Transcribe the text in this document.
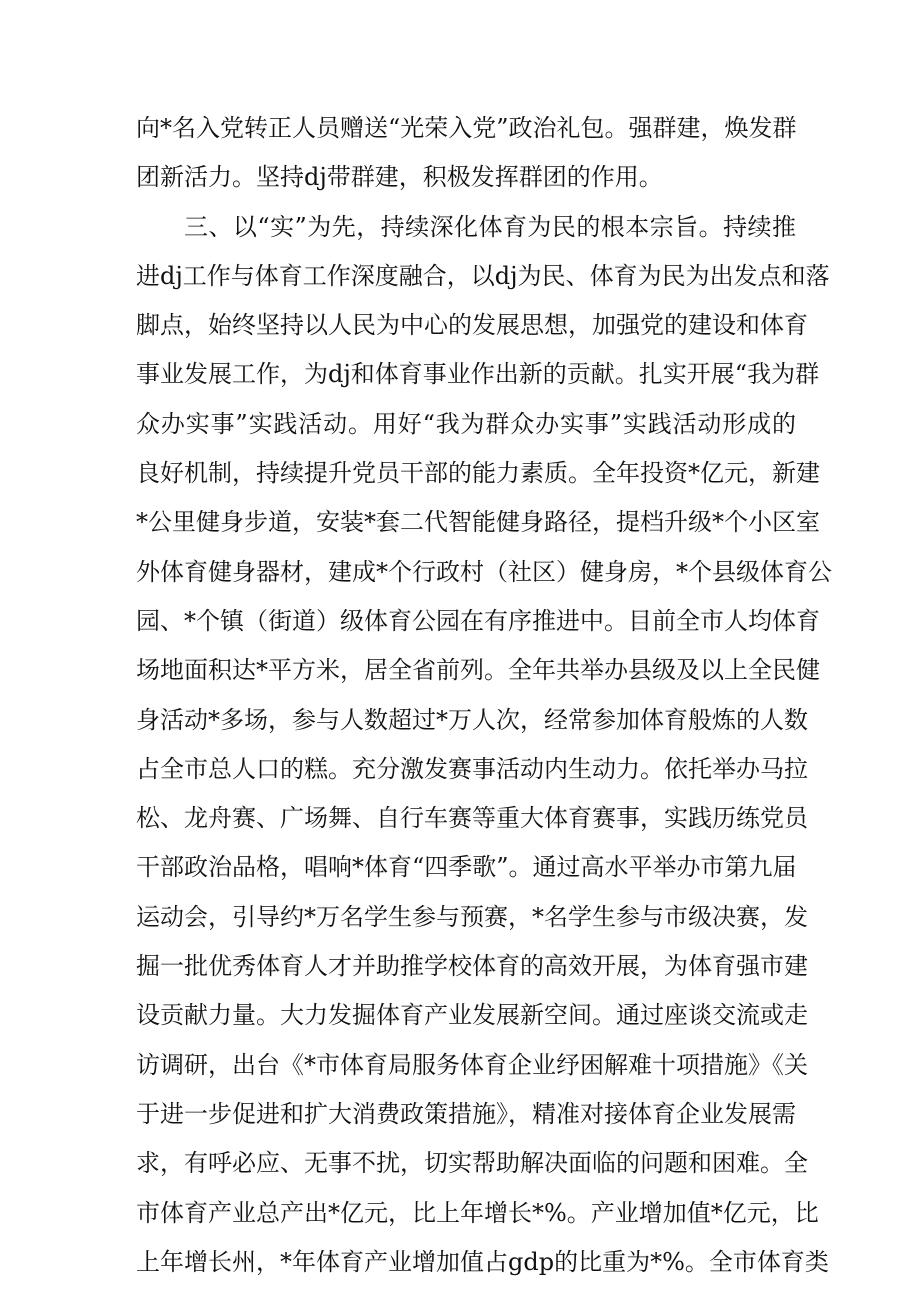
向*名入党转正人员赠送“光荣入党”政治礼包。强群建，焕发群
团新活力。坚持dj带群建，积极发挥群团的作用。
三、以“实”为先，持续深化体育为民的根本宗旨。持续推
进dj工作与体育工作深度融合，以dj为民、体育为民为出发点和落
脚点，始终坚持以人民为中心的发展思想，加强党的建设和体育
事业发展工作，为dj和体育事业作出新的贡献。扎实开展“我为群
众办实事”实践活动。用好“我为群众办实事”实践活动形成的
良好机制，持续提升党员干部的能力素质。全年投资*亿元，新建
*公里健身步道，安装*套二代智能健身路径，提档升级*个小区室
外体育健身器材，建成*个行政村（社区）健身房，*个县级体育公
园、*个镇（街道）级体育公园在有序推进中。目前全市人均体育
场地面积达*平方米，居全省前列。全年共举办县级及以上全民健
身活动*多场，参与人数超过*万人次，经常参加体育般炼的人数
占全市总人口的糕。充分激发赛事活动内生动力。依托举办马拉
松、龙舟赛、广场舞、自行车赛等重大体育赛事，实践历练党员
干部政治品格，唱响*体育“四季歌”。通过高水平举办市第九届
运动会，引导约*万名学生参与预赛，*名学生参与市级决赛，发
掘一批优秀体育人才并助推学校体育的高效开展，为体育强市建
设贡献力量。大力发掘体育产业发展新空间。通过座谈交流或走
访调研，出台《*市体育局服务体育企业纾困解难十项措施》《关
于进一步促进和扩大消费政策措施》，精准对接体育企业发展需
求，有呼必应、无事不扰，切实帮助解决面临的问题和困难。全
市体育产业总产出*亿元，比上年增长*%。产业增加值*亿元，比
上年增长州，*年体育产业增加值占gdp的比重为*%。全市体育类
